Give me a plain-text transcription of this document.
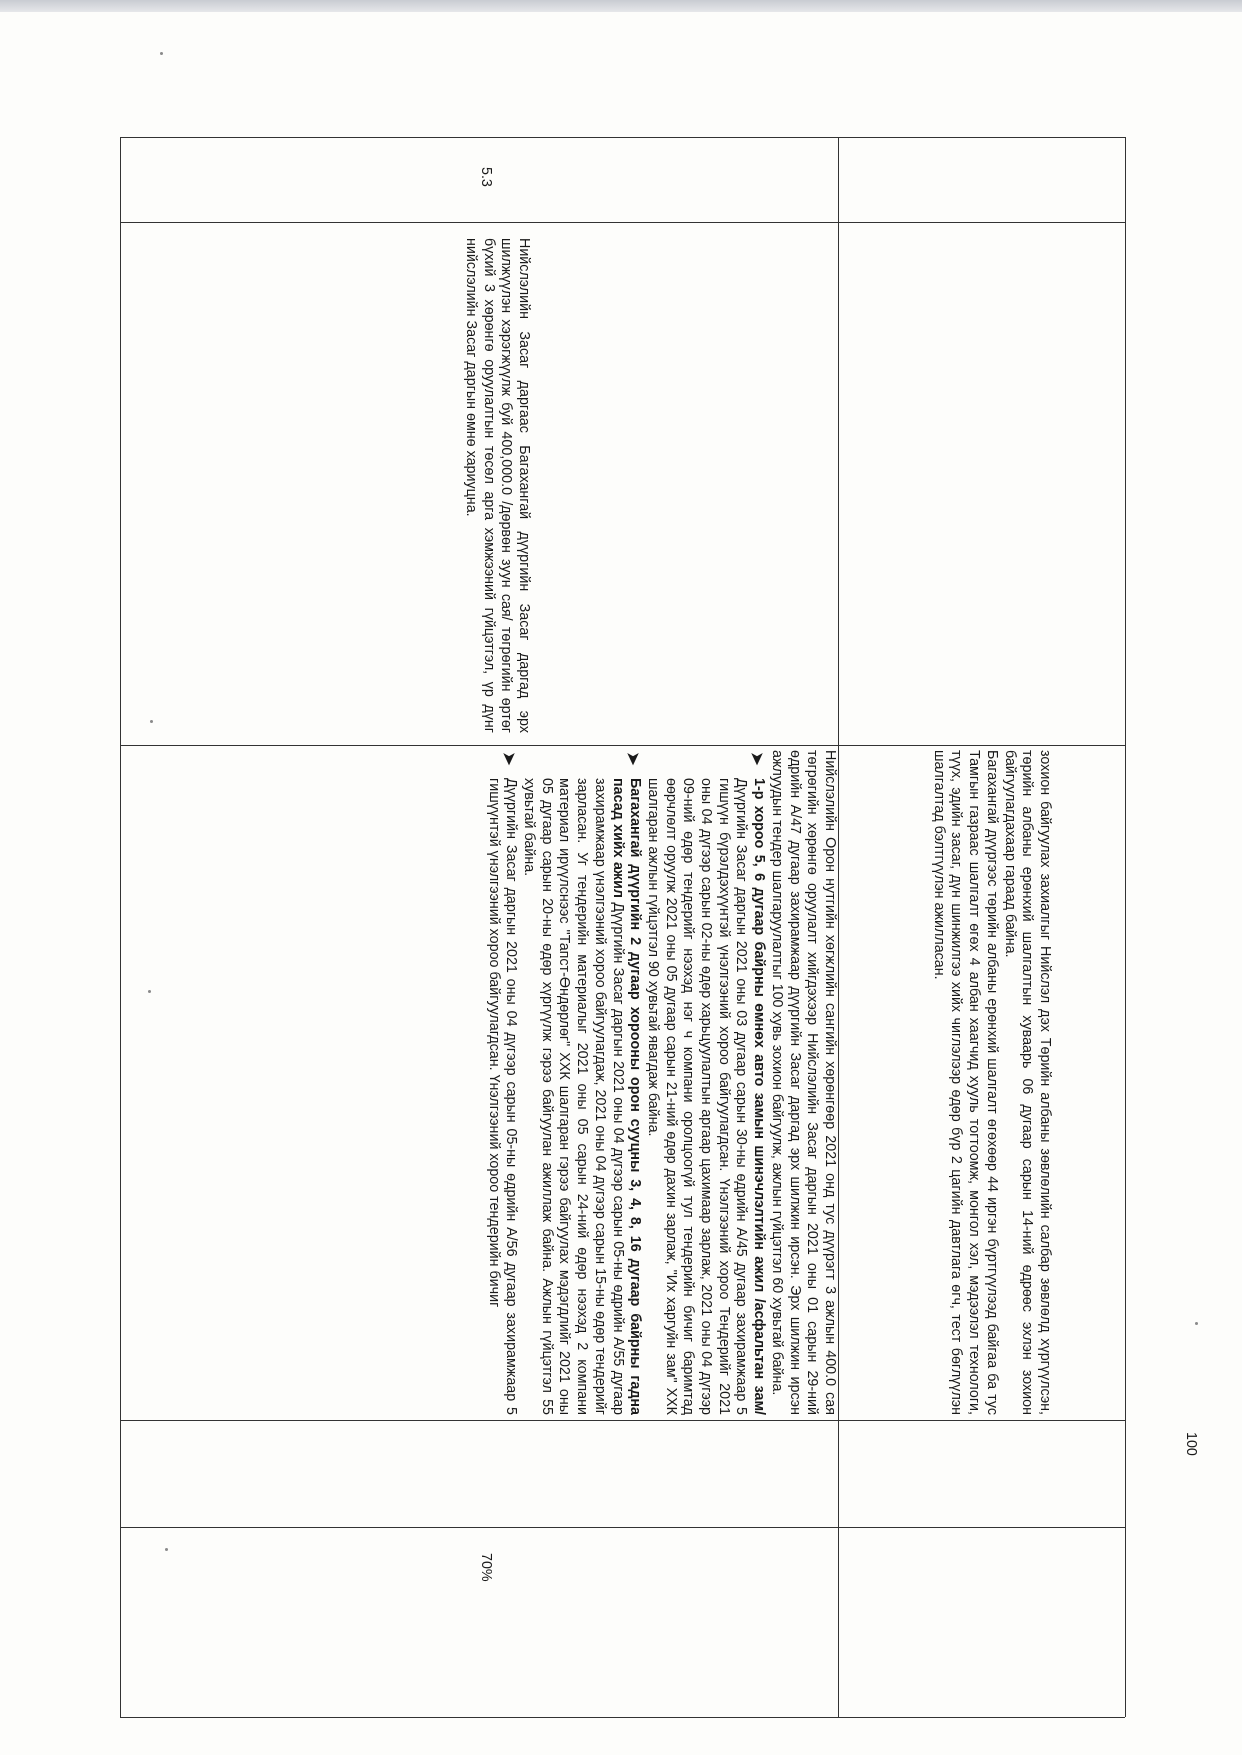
5.3

Нийслэлийн Засаг даргаас Багахангай дүүргийн Засаг даргад эрх шилжүүлэн хэрэгжүүлж буй 400,000.0 /дөрвөн зуун сая/ төгрөгийн өртөг бүхий 3 хөрөнгө оруулалтын төсөл арга хэмжээний гүйцэтгэл, үр дүнг нийслэлийн Засаг даргын өмнө хариуцна.

100

70%

зохион байгуулах захиалгыг Нийслэл дэх Төрийн албаны зөвлөлийн салбар зөвлөлд хүргүүлсэн, төрийн албаны ерөнхий шалгалтын хуваарь 06 дугаар сарын 14-ний өдрөөс эхлэн зохион байгуулагдахаар гараад байна.

Багахангай дүүргээс төрийн албаны ерөнхий шалгалт өгөхөөр 44 иргэн бүртгүүлээд байгаа ба тус Тамгын газраас шалгалт өгөх 4 албан хаагчид хууль тогтоомж, монгол хэл, мэдээлэл технологи, түүх, эдийн засаг, дүн шинжилгээ хийх чиглэлээр өдөр бүр 2 цагийн давтлага өгч, тест бөглүүлэн шалгалтад бэлтгүүлэн ажилласан.

Нийслэлийн Орон нутгийн хөгжлийн сангийн хөрөнгөөр 2021 онд тус дүүрэгт 3 ажлын 400.0 сая төгрөгийн хөрөнгө оруулалт хийгдэхээр Нийслэлийн Засаг даргын 2021 оны 01 сарын 29-ний өдрийн А/47 дугаар захирамжаар дүүргийн Засаг даргад эрх шилжин ирсэн. Эрх шилжин ирсэн ажлуудын тендер шалгаруулалтыг 100 хувь зохион байгуулж, ажлын гүйцэтгэл 60 хувьтай байна.

➤

1-р хороо 5, 6 дугаар байрны өмнөх авто замын шинэчлэлтийн ажил /асфальтан зам/ Дүүргийн Засаг даргын 2021 оны 03 дугаар сарын 30-ны өдрийн А/45 дугаар захирамжаар 5 гишүүн бүрэлдэхүүнтэй үнэлгээний хороо байгуулагдсан. Үнэлгээний хороо Тендерийг 2021 оны 04 дүгээр сарын 02-ны өдөр харьцуулалтын аргаар цахимаар зарлаж, 2021 оны 04 дүгээр 09-ний өдөр тендерийг нээхэд нэг ч компани оролцоогүй тул тендерийн бичиг баримтад өөрчлөлт оруулж 2021 оны 05 дугаар сарын 21-ний өдөр дахин зарлаж, "Их харгуйн зам" ХХК шалгаран ажлын гүйцэтгэл 90 хувьтай явагдаж байна.

➤

Багахангай дүүргийн 2 дугаар хорооны орон сууцны 3, 4, 8, 16 дугаар байрны гадна пасад хийх ажил Дүүргийн Засаг даргын 2021 оны 04 дүгээр сарын 05-ны өдрийн А/55 дугаар захирамжаар үнэлгээний хороо байгуулагдаж, 2021 оны 04 дүгээр сарын 15-ны өдөр тендерийг зарласан. Уг тендерийн материалыг 2021 оны 05 сарын 24-ний өдөр нээхэд 2 компани материал ирүүлснээс "Тапст-Өндөрлөг" ХХК шалгаран гэрээ байгуулах мэдэгдлийг 2021 оны 05 дугаар сарын 20-ны өдөр хүргүүлж гэрээ байгуулан ажиллаж байна. Ажлын гүйцэтгэл 55 хувьтай байна.

➤

Дүүргийн Засаг даргын 2021 оны 04 дүгээр сарын 05-ны өдрийн А/56 дугаар захирамжаар 5 гишүүнтэй үнэлгээний хороо байгуулагдсан. Үнэлгээний хороо тендерийн бичиг
